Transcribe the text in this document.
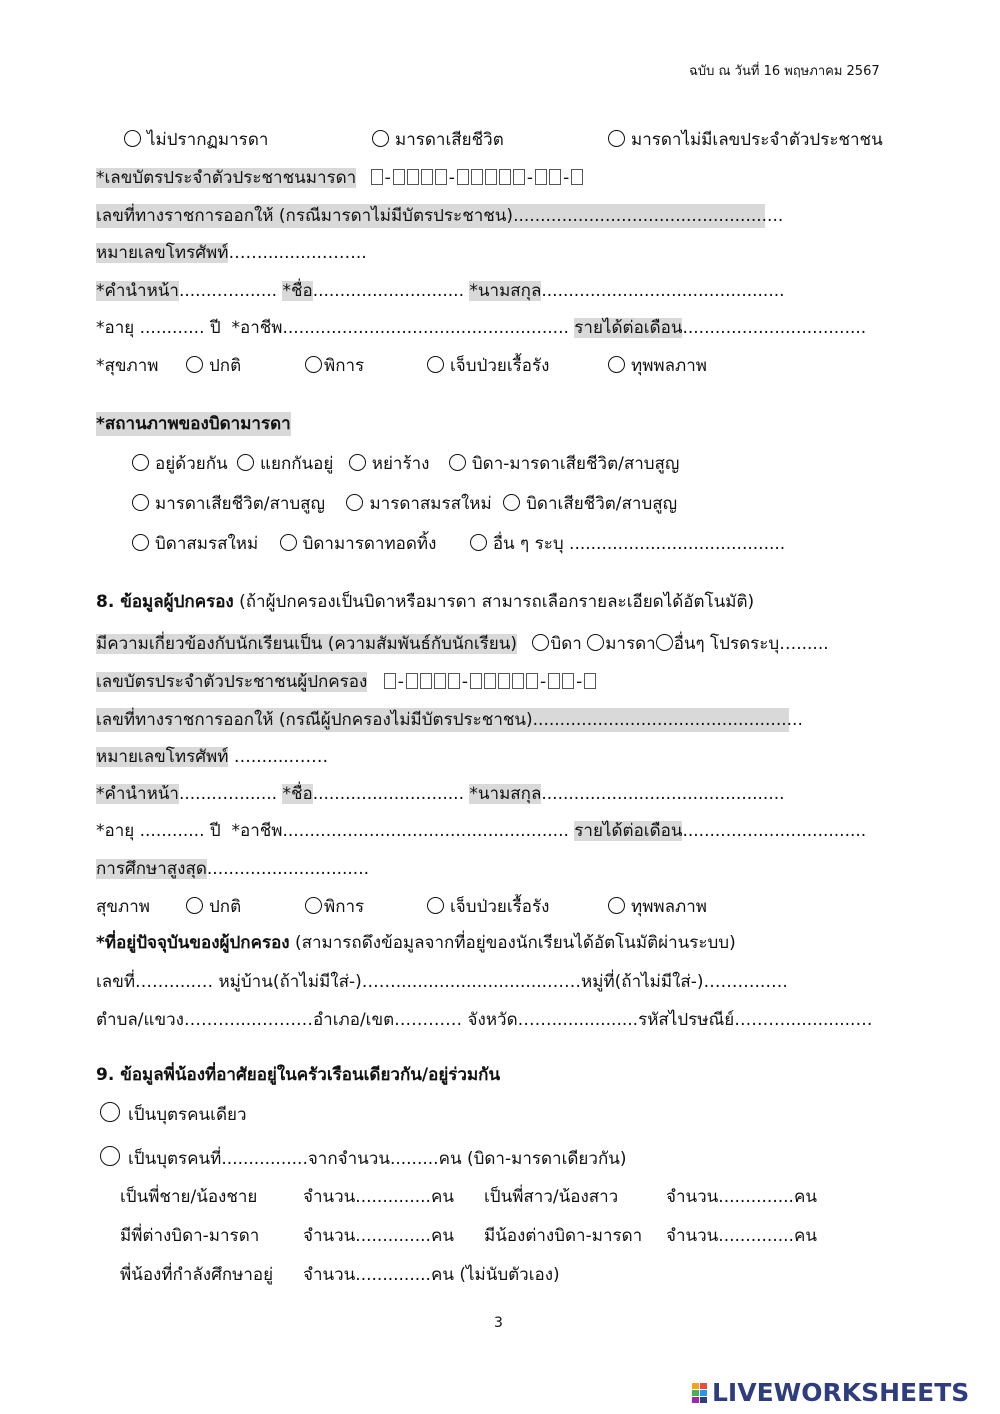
ฉบับ ณ วันที่ 16 พฤษภาคม 2567
ไม่ปรากฏมารดา	มารดาเสียชีวิต	มารดาไม่มีเลขประจำตัวประชาชน
*เลขบัตรประจำตัวประชาชนมารดา -	-	- -
เลขที่ทางราชการออกให้ (กรณีมารดาไม่มีบัตรประชาชน)..................................................
หมายเลขโทรศัพท์……...........……..
*คำนำหน้า.......…........ *ชื่อ............................ *นามสกุล.............................................
*อายุ ............ ปี *อาชีพ..................................................... รายได้ต่อเดือน..................................
*สุขภาพ	ปกติ	พิการ	เจ็บป่วยเรื้อรัง	ทุพพลภาพ
*สถานภาพของบิดามารดา
อยู่ด้วยกัน แยกกันอยู่ หย่าร้าง บิดา-มารดาเสียชีวิต/สาบสูญ
มารดาเสียชีวิต/สาบสูญ	มารดาสมรสใหม่ บิดาเสียชีวิต/สาบสูญ
บิดาสมรสใหม่	บิดามารดาทอดทิ้ง	อื่น ๆ ระบุ ........................................
8. ข้อมูลผู้ปกครอง (ถ้าผู้ปกครองเป็นบิดาหรือมารดา สามารถเลือกรายละเอียดได้อัตโนมัติ)
มีความเกี่ยวข้องกับนักเรียนเป็น (ความสัมพันธ์กับนักเรียน) บิดา มารดา อื่นๆ โปรดระบุ…......
เลขบัตรประจำตัวประชาชนผู้ปกครอง -	-	- -
เลขที่ทางราชการออกให้ (กรณีผู้ปกครองไม่มีบัตรประชาชน)..................................................
หมายเลขโทรศัพท์ …........……
*คำนำหน้า.......…........ *ชื่อ............................ *นามสกุล.............................................
*อายุ ............ ปี *อาชีพ..................................................... รายได้ต่อเดือน..................................
การศึกษาสูงสุด..............................
สุขภาพ	ปกติ	พิการ	เจ็บป่วยเรื้อรัง	ทุพพลภาพ
*ที่อยู่ปัจจุบันของผู้ปกครอง (สามารถดึงข้อมูลจากที่อยู่ของนักเรียนได้อัตโนมัติผ่านระบบ)
เลขที่…….....… หมู่บ้าน(ถ้าไม่มีใส่-)……............................……หมู่ที่(ถ้าไม่มีใส่-)………..….
ตำบล/แขวง……….....………อำเภอ/เขต………… จังหวัด……................รหัสไปรษณีย์……….............…
9. ข้อมูลพี่น้องที่อาศัยอยู่ในครัวเรือนเดียวกัน/อยู่ร่วมกัน
เป็นบุตรคนเดียว
เป็นบุตรคนที่................จากจำนวน.........คน (บิดา-มารดาเดียวกัน)
เป็นพี่ชาย/น้องชาย	จำนวน..............คน เป็นพี่สาว/น้องสาว	จำนวน..............คน
มีพี่ต่างบิดา-มารดา	จำนวน..............คน มีน้องต่างบิดา-มารดา จำนวน..............คน
พี่น้องที่กำลังศึกษาอยู่ จำนวน..............คน (ไม่นับตัวเอง)
3
LIVEWORKSHEETS
